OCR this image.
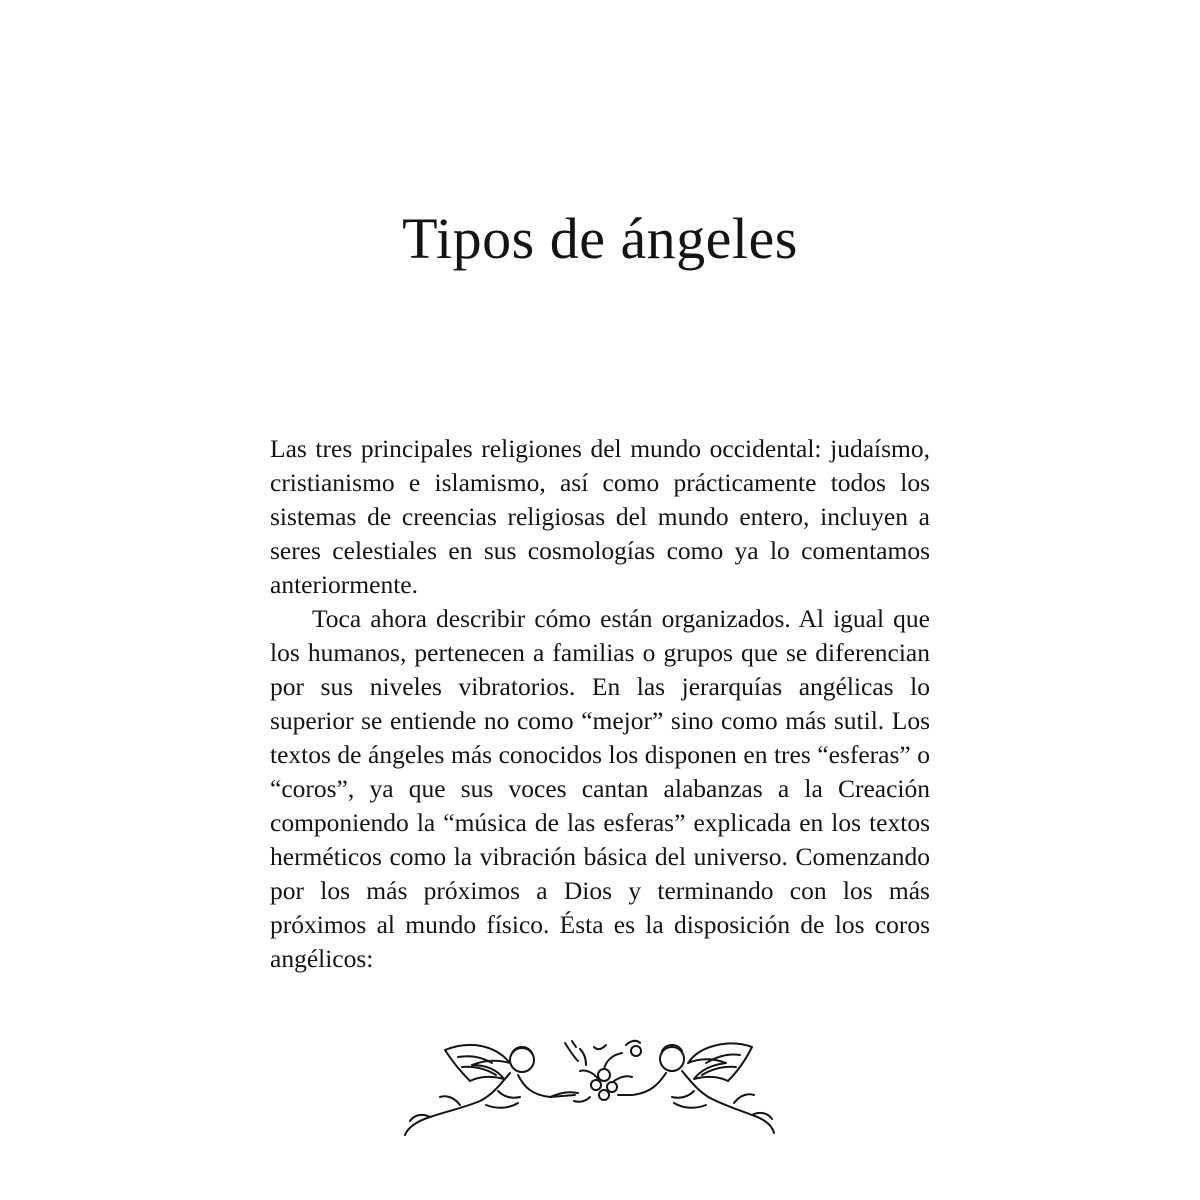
Tipos de ángeles

Las tres principales religiones del mundo occidental: judaísmo, cristianismo e islamismo, así como prácticamente todos los sistemas de creencias religiosas del mundo entero, incluyen a seres celestiales en sus cosmologías como ya lo comentamos anteriormente.

Toca ahora describir cómo están organizados. Al igual que los humanos, pertenecen a familias o grupos que se diferencian por sus niveles vibratorios. En las jerarquías angélicas lo superior se entiende no como “mejor” sino como más sutil. Los textos de ángeles más conocidos los disponen en tres “esferas” o “coros”, ya que sus voces cantan alabanzas a la Creación componiendo la “música de las esferas” explicada en los textos herméticos como la vibración básica del universo. Comenzando por los más próximos a Dios y terminando con los más próximos al mundo físico. Ésta es la disposición de los coros angélicos:
